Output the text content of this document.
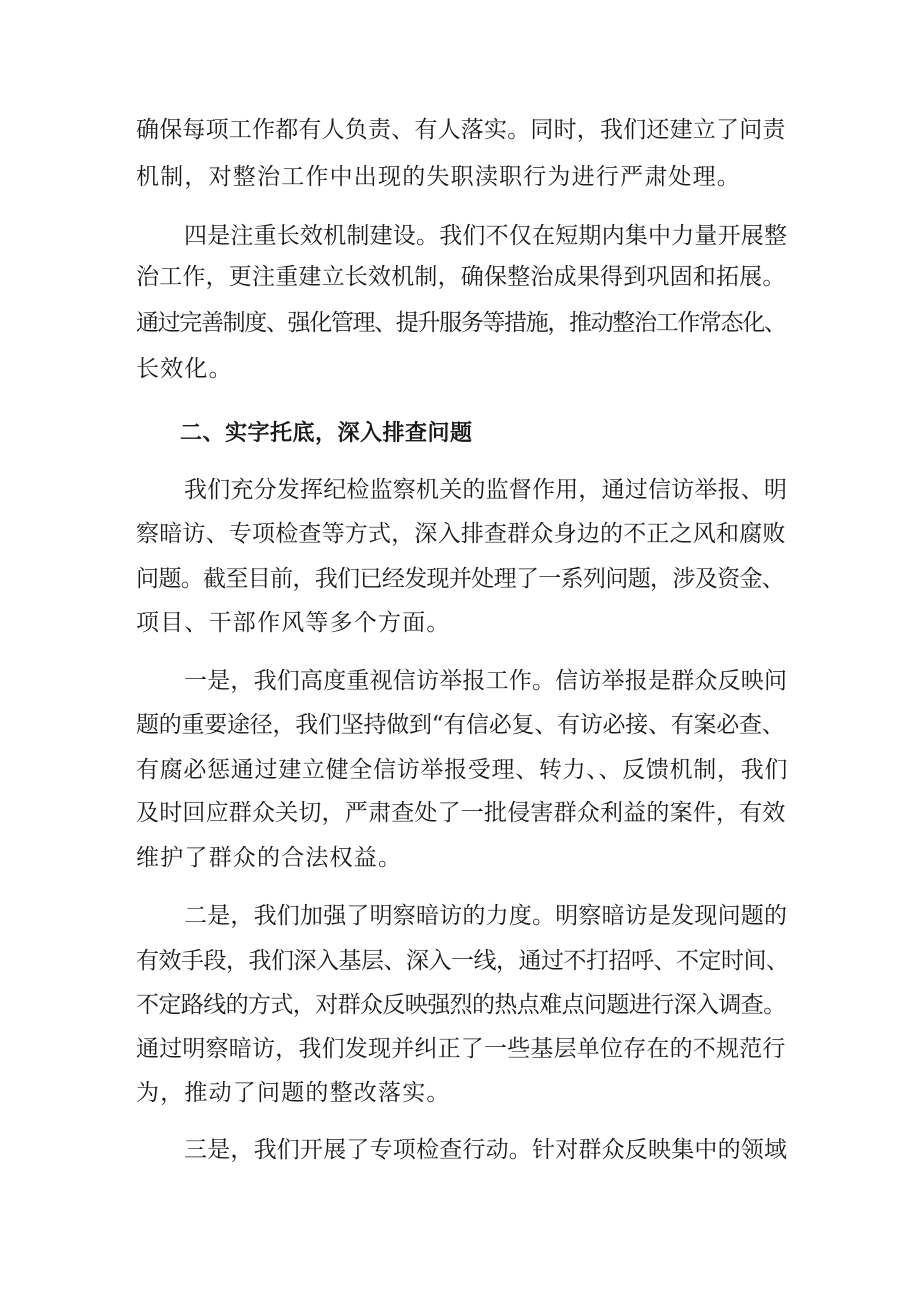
确保每项工作都有人负责、有人落实。同时，我们还建立了问责
机制，对整治工作中出现的失职渎职行为进行严肃处理。
四是注重长效机制建设。我们不仅在短期内集中力量开展整
治工作，更注重建立长效机制，确保整治成果得到巩固和拓展。
通过完善制度、强化管理、提升服务等措施，推动整治工作常态化、
长效化。
二、实字托底，深入排查问题
我们充分发挥纪检监察机关的监督作用，通过信访举报、明
察暗访、专项检查等方式，深入排查群众身边的不正之风和腐败
问题。截至目前，我们已经发现并处理了一系列问题，涉及资金、
项目、干部作风等多个方面。
一是，我们高度重视信访举报工作。信访举报是群众反映问
题的重要途径，我们坚持做到“有信必复、有访必接、有案必查、
有腐必惩通过建立健全信访举报受理、转力、、反馈机制，我们
及时回应群众关切，严肃查处了一批侵害群众利益的案件，有效
维护了群众的合法权益。
二是，我们加强了明察暗访的力度。明察暗访是发现问题的
有效手段，我们深入基层、深入一线，通过不打招呼、不定时间、
不定路线的方式，对群众反映强烈的热点难点问题进行深入调查。
通过明察暗访，我们发现并纠正了一些基层单位存在的不规范行
为，推动了问题的整改落实。
三是，我们开展了专项检查行动。针对群众反映集中的领域
